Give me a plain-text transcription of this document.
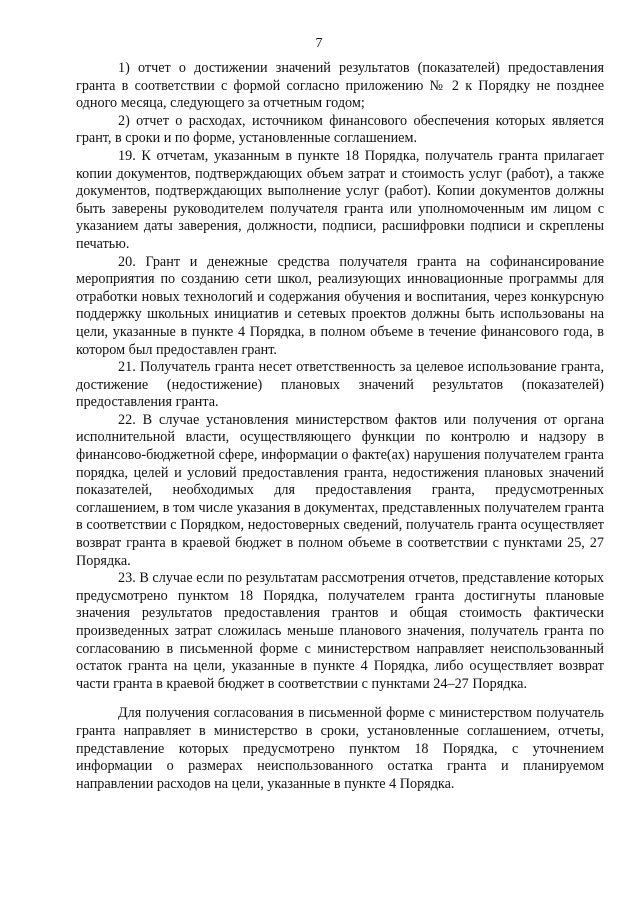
7

1) отчет о достижении значений результатов (показателей) предоставления гранта в соответствии с формой согласно приложению № 2 к Порядку не позднее одного месяца, следующего за отчетным годом;

2) отчет о расходах, источником финансового обеспечения которых является грант, в сроки и по форме, установленные соглашением.

19. К отчетам, указанным в пункте 18 Порядка, получатель гранта прилагает копии документов, подтверждающих объем затрат и стоимость услуг (работ), а также документов, подтверждающих выполнение услуг (работ). Копии документов должны быть заверены руководителем получателя гранта или уполномоченным им лицом с указанием даты заверения, должности, подписи, расшифровки подписи и скреплены печатью.

20. Грант и денежные средства получателя гранта на софинансирование мероприятия по созданию сети школ, реализующих инновационные программы для отработки новых технологий и содержания обучения и воспитания, через конкурсную поддержку школьных инициатив и сетевых проектов должны быть использованы на цели, указанные в пункте 4 Порядка, в полном объеме в течение финансового года, в котором был предоставлен грант.

21. Получатель гранта несет ответственность за целевое использование гранта, достижение (недостижение) плановых значений результатов (показателей) предоставления гранта.

22. В случае установления министерством фактов или получения от органа исполнительной власти, осуществляющего функции по контролю и надзору в финансово-бюджетной сфере, информации о факте(ах) нарушения получателем гранта порядка, целей и условий предоставления гранта, недостижения плановых значений показателей, необходимых для предоставления гранта, предусмотренных соглашением, в том числе указания в документах, представленных получателем гранта в соответствии с Порядком, недостоверных сведений, получатель гранта осуществляет возврат гранта в краевой бюджет в полном объеме в соответствии с пунктами 25, 27 Порядка.

23. В случае если по результатам рассмотрения отчетов, представление которых предусмотрено пунктом 18 Порядка, получателем гранта достигнуты плановые значения результатов предоставления грантов и общая стоимость фактически произведенных затрат сложилась меньше планового значения, получатель гранта по согласованию в письменной форме с министерством направляет неиспользованный остаток гранта на цели, указанные в пункте 4 Порядка, либо осуществляет возврат части гранта в краевой бюджет в соответствии с пунктами 24–27 Порядка.

Для получения согласования в письменной форме с министерством получатель гранта направляет в министерство в сроки, установленные соглашением, отчеты, представление которых предусмотрено пунктом 18 Порядка, с уточнением информации о размерах неиспользованного остатка гранта и планируемом направлении расходов на цели, указанные в пункте 4 Порядка.
